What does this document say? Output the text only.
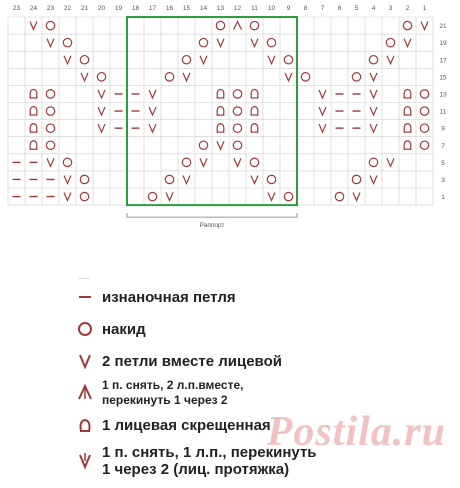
23 24 23 22 21 20 19 18 17 16 15 14 13 12 11 10 9 8 7 6 5 4 3 2 1
21
19
17
15
13
11
9
7
5
3
1
Раппорт
изнаночная петля
накид
2 петли вместе лицевой
1 п. снять, 2 л.п.вместе,
перекинуть 1 через 2
1 лицевая скрещенная
1 п. снять, 1 л.п., перекинуть
1 через 2 (лиц. протяжка)
Postila.ru
